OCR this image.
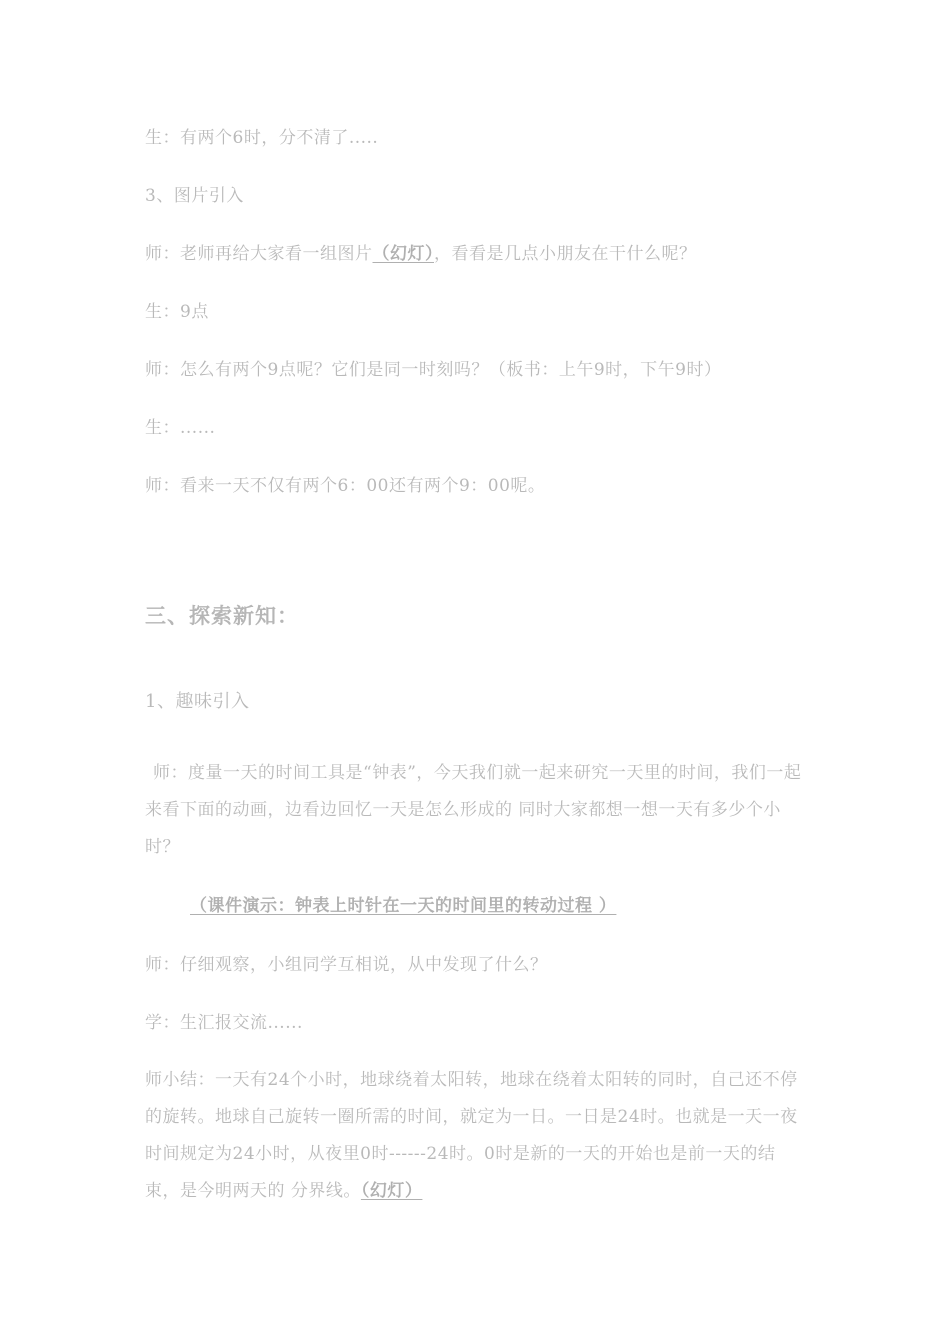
生：有两个6时，分不清了.....
3、图片引入
师：老师再给大家看一组图片（幻灯），看看是几点小朋友在干什么呢？
生：9点
师：怎么有两个9点呢？它们是同一时刻吗？（板书：上午9时，下午9时）
生：......
师：看来一天不仅有两个6：00还有两个9：00呢。
三、探索新知：
1、趣味引入
师：度量一天的时间工具是“钟表”，今天我们就一起来研究一天里的时间，我们一起来看下面的动画，边看边回忆一天是怎么形成的 同时大家都想一想一天有多少个小时？
（课件演示：钟表上时针在一天的时间里的转动过程 ）
师：仔细观察，小组同学互相说，从中发现了什么？
学：生汇报交流......
师小结：一天有24个小时，地球绕着太阳转，地球在绕着太阳转的同时，自己还不停的旋转。地球自己旋转一圈所需的时间，就定为一日。一日是24时。也就是一天一夜时间规定为24小时，从夜里0时------24时。0时是新的一天的开始也是前一天的结束，是今明两天的 分界线。（幻灯）
